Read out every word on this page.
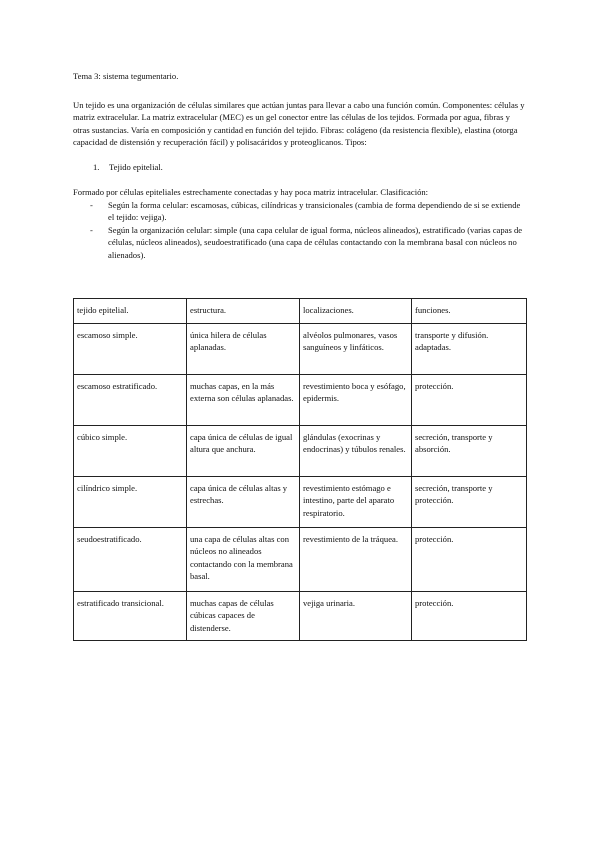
Tema 3: sistema tegumentario.

Un tejido es una organización de células similares que actúan juntas para llevar a cabo una función común. Componentes: células y matriz extracelular. La matriz extracelular (MEC) es un gel conector entre las células de los tejidos. Formada por agua, fibras y otras sustancias. Varía en composición y cantidad en función del tejido. Fibras: colágeno (da resistencia flexible), elastina (otorga capacidad de distensión y recuperación fácil) y polisacáridos y proteoglicanos. Tipos:

1.	Tejido epitelial.

Formado por células epiteliales estrechamente conectadas y hay poca matriz intracelular. Clasificación:

-	Según la forma celular: escamosas, cúbicas, cilíndricas y transicionales (cambia de forma dependiendo de si se extiende el tejido: vejiga).
-	Según la organización celular: simple (una capa celular de igual forma, núcleos alineados), estratificado (varias capas de células, núcleos alineados), seudoestratificado (una capa de células contactando con la membrana basal con núcleos no alienados).
tejido epitelial.	estructura.	localizaciones.	funciones.
escamoso simple.	única hilera de células aplanadas.	alvéolos pulmonares, vasos sanguíneos y linfáticos.	transporte y difusión. adaptadas.
escamoso estratificado.	muchas capas, en la más externa son células aplanadas.	revestimiento boca y esófago, epidermis.	protección.
cúbico simple.	capa única de células de igual altura que anchura.	glándulas (exocrinas y endocrinas) y túbulos renales.	secreción, transporte y absorción.
cilíndrico simple.	capa única de células altas y estrechas.	revestimiento estómago e intestino, parte del aparato respiratorio.	secreción, transporte y protección.
seudoestratificado.	una capa de células altas con núcleos no alineados contactando con la membrana basal.	revestimiento de la tráquea.	protección.
estratificado transicional.	muchas capas de células cúbicas capaces de distenderse.	vejiga urinaria.	protección.
